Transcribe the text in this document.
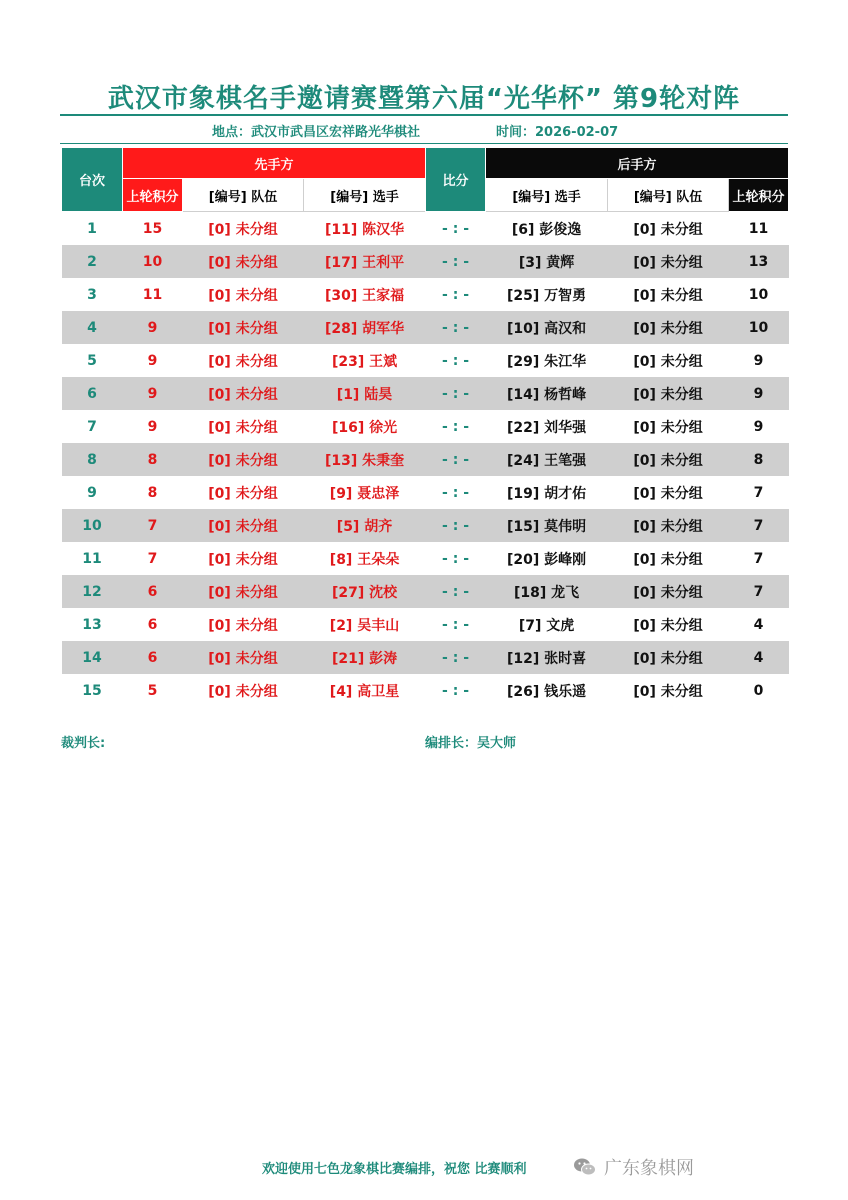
武汉市象棋名手邀请赛暨第六届“光华杯” 第9轮对阵
地点：武汉市武昌区宏祥路光华棋社	时间：2026-02-07
台次	先手方			比分	后手方		
	上轮积分	[编号] 队伍	[编号] 选手		[编号] 选手	[编号] 队伍	上轮积分
1	15	[0] 未分组	[11] 陈汉华	- : -	[6] 彭俊逸	[0] 未分组	11
2	10	[0] 未分组	[17] 王利平	- : -	[3] 黄辉	[0] 未分组	13
3	11	[0] 未分组	[30] 王家福	- : -	[25] 万智勇	[0] 未分组	10
4	9	[0] 未分组	[28] 胡军华	- : -	[10] 高汉和	[0] 未分组	10
5	9	[0] 未分组	[23] 王斌	- : -	[29] 朱江华	[0] 未分组	9
6	9	[0] 未分组	[1] 陆昊	- : -	[14] 杨哲峰	[0] 未分组	9
7	9	[0] 未分组	[16] 徐光	- : -	[22] 刘华强	[0] 未分组	9
8	8	[0] 未分组	[13] 朱秉奎	- : -	[24] 王笔强	[0] 未分组	8
9	8	[0] 未分组	[9] 聂忠泽	- : -	[19] 胡才佑	[0] 未分组	7
10	7	[0] 未分组	[5] 胡齐	- : -	[15] 莫伟明	[0] 未分组	7
11	7	[0] 未分组	[8] 王朵朵	- : -	[20] 彭峰刚	[0] 未分组	7
12	6	[0] 未分组	[27] 沈校	- : -	[18] 龙飞	[0] 未分组	7
13	6	[0] 未分组	[2] 吴丰山	- : -	[7] 文虎	[0] 未分组	4
14	6	[0] 未分组	[21] 彭涛	- : -	[12] 张时喜	[0] 未分组	4
15	5	[0] 未分组	[4] 高卫星	- : -	[26] 钱乐遥	[0] 未分组	0
裁判长:	编排长：吴大师
欢迎使用七色龙象棋比赛编排，祝您 比赛顺利	广东象棋网
